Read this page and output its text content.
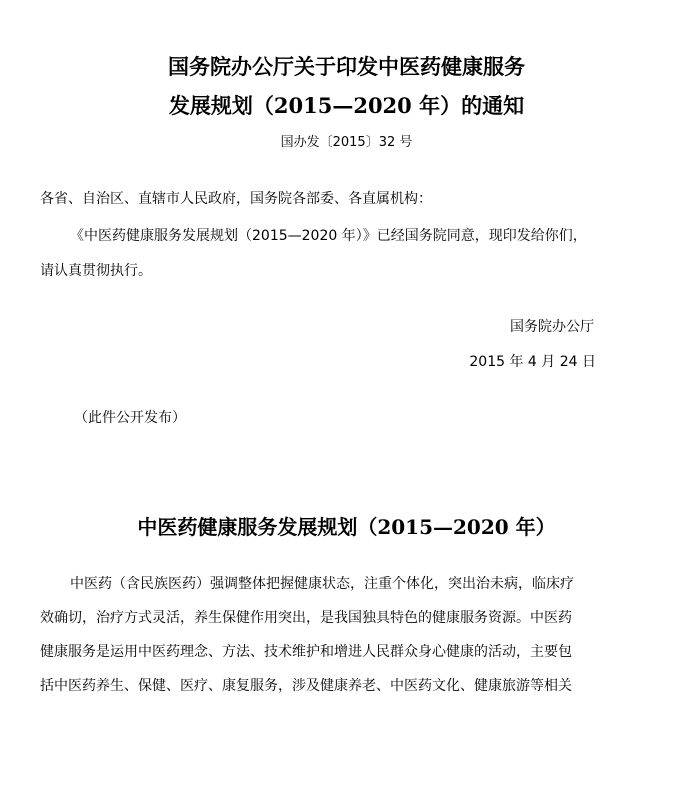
国务院办公厅关于印发中医药健康服务
发展规划（2015—2020 年）的通知
国办发〔2015〕32 号
各省、自治区、直辖市人民政府，国务院各部委、各直属机构：
《中医药健康服务发展规划（2015—2020 年）》已经国务院同意，现印发给你们，
请认真贯彻执行。
国务院办公厅
2015 年 4 月 24 日
（此件公开发布）
中医药健康服务发展规划（2015—2020 年）
中医药（含民族医药）强调整体把握健康状态，注重个体化，突出治未病，临床疗
效确切，治疗方式灵活，养生保健作用突出，是我国独具特色的健康服务资源。中医药
健康服务是运用中医药理念、方法、技术维护和增进人民群众身心健康的活动，主要包
括中医药养生、保健、医疗、康复服务，涉及健康养老、中医药文化、健康旅游等相关
